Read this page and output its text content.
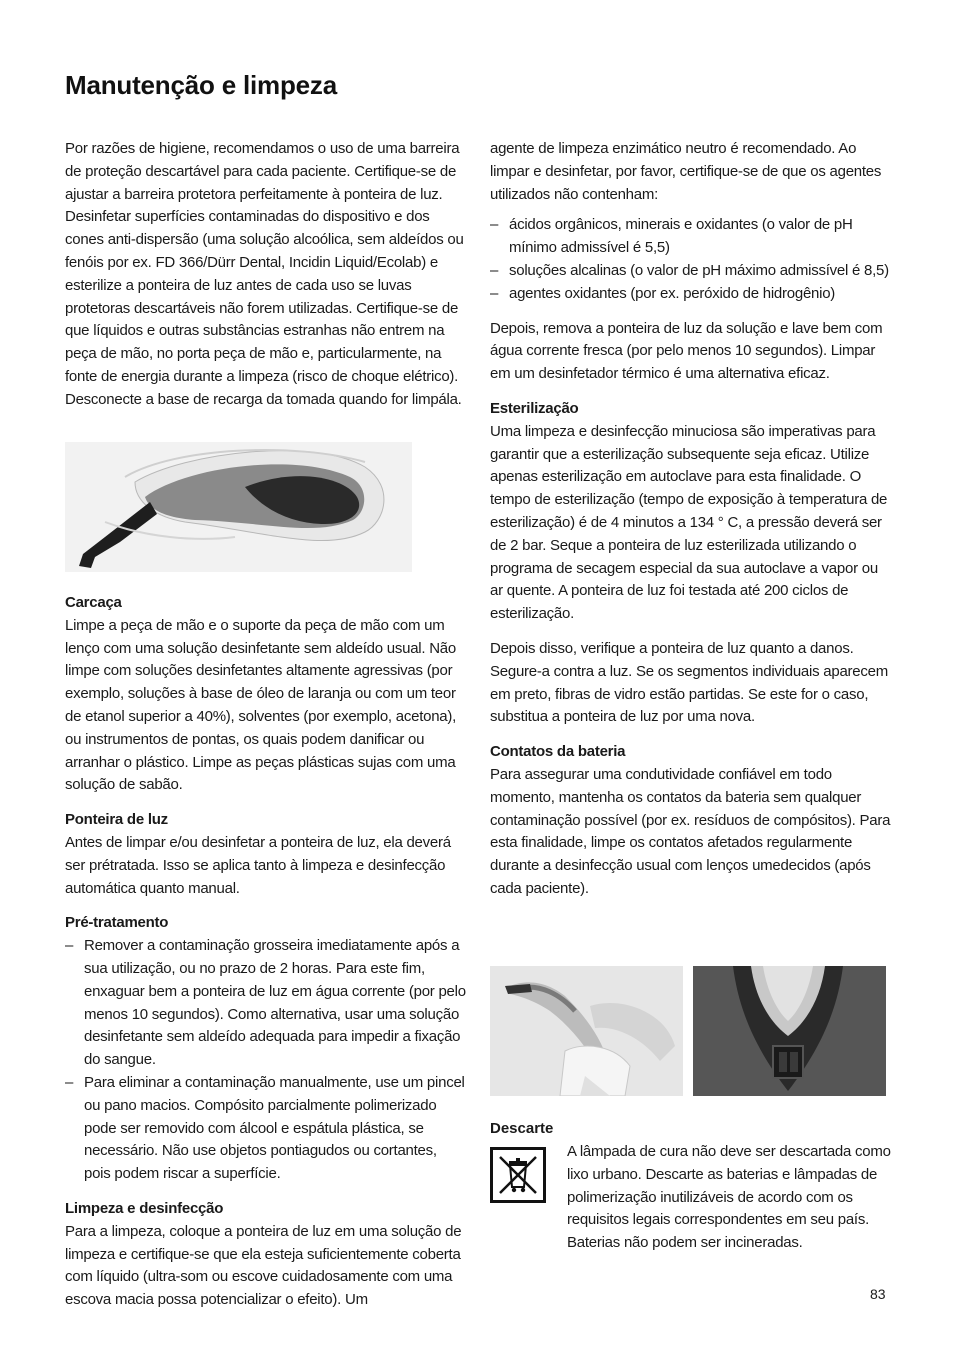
Manutenção e limpeza

Por razões de higiene, recomendamos o uso de uma barreira de proteção descartável para cada paciente. Certifique-se de ajustar a barreira protetora perfeitamente à ponteira de luz. Desinfetar superfícies contaminadas do dispositivo e dos cones anti-dispersão (uma solução alcoólica, sem aldeídos ou fenóis por ex. FD 366/Dürr Dental, Incidin Liquid/Ecolab) e esterilize a ponteira de luz antes de cada uso se luvas protetoras descartáveis não forem utilizadas. Certifique-se de que líquidos e outras substâncias estranhas não entrem na peça de mão, no porta peça de mão e, particularmente, na fonte de energia durante a limpeza (risco de choque elétrico). Desconecte a base de recarga da tomada quando for limpála.

Carcaça
Limpe a peça de mão e o suporte da peça de mão com um lenço com uma solução desinfetante sem aldeído usual. Não limpe com soluções desinfetantes altamente agressivas (por exemplo, soluções à base de óleo de laranja ou com um teor de etanol superior a 40%), solventes (por exemplo, acetona), ou instrumentos de pontas, os quais podem danificar ou arranhar o plástico. Limpe as peças plásticas sujas com uma solução de sabão.
Ponteira de luz
Antes de limpar e/ou desinfetar a ponteira de luz, ela deverá ser prétratada. Isso se aplica tanto à limpeza e desinfecção automática quanto manual.
Pré-tratamento
– Remover a contaminação grosseira imediatamente após a sua utilização, ou no prazo de 2 horas. Para este fim, enxaguar bem a ponteira de luz em água corrente (por pelo menos 10 segundos). Como alternativa, usar uma solução desinfetante sem aldeído adequada para impedir a fixação do sangue.
– Para eliminar a contaminação manualmente, use um pincel ou pano macios. Compósito parcialmente polimerizado pode ser removido com álcool e espátula plástica, se necessário. Não use objetos pontiagudos ou cortantes, pois podem riscar a superfície.
Limpeza e desinfecção
Para a limpeza, coloque a ponteira de luz em uma solução de limpeza e certifique-se que ela esteja suficientemente coberta com líquido (ultra-som ou escove cuidadosamente com uma escova macia possa potencializar o efeito). Um

agente de limpeza enzimático neutro é recomendado. Ao limpar e desinfetar, por favor, certifique-se de que os agentes utilizados não contenham:

– ácidos orgânicos, minerais e oxidantes (o valor de pH mínimo admissível é 5,5)
– soluções alcalinas (o valor de pH máximo admissível é 8,5)
– agentes oxidantes (por ex. peróxido de hidrogênio)

Depois, remova a ponteira de luz da solução e lave bem com água corrente fresca (por pelo menos 10 segundos). Limpar em um desinfetador térmico é uma alternativa eficaz.

Esterilização
Uma limpeza e desinfecção minuciosa são imperativas para garantir que a esterilização subsequente seja eficaz. Utilize apenas esterilização em autoclave para esta finalidade. O tempo de esterilização (tempo de exposição à temperatura de esterilização) é de 4 minutos a 134 ° C, a pressão deverá ser de 2 bar. Seque a ponteira de luz esterilizada utilizando o programa de secagem especial da sua autoclave a vapor ou ar quente. A ponteira de luz foi testada até 200 ciclos de
esterilização.

Depois disso, verifique a ponteira de luz quanto a danos. Segure-a contra a luz. Se os segmentos individuais aparecem em preto, fibras de vidro estão partidas. Se este for o caso, substitua a ponteira de luz por uma nova.

Contatos da bateria
Para assegurar uma condutividade confiável em todo momento, mantenha os contatos da bateria sem qualquer contaminação possível (por ex. resíduos de compósitos). Para esta finalidade, limpe os contatos afetados regularmente durante a desinfecção usual com lenços umedecidos (após cada paciente).
Descarte
A lâmpada de cura não deve ser descartada como lixo urbano. Descarte as baterias e lâmpadas de polimerização inutilizáveis de acordo com os requisitos legais correspondentes em seu país. Baterias não podem ser incineradas.
83
